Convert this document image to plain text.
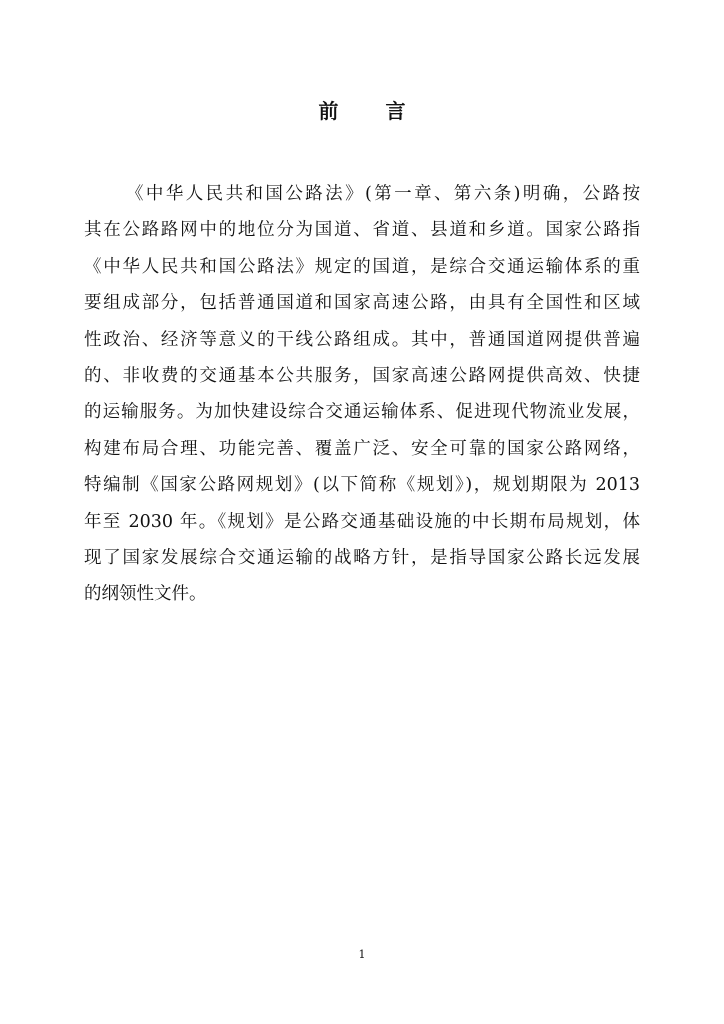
前 言
《中华人民共和国公路法》(第一章、第六条)明确，公路按
其在公路路网中的地位分为国道、省道、县道和乡道。国家公路指
《中华人民共和国公路法》规定的国道，是综合交通运输体系的重
要组成部分，包括普通国道和国家高速公路，由具有全国性和区域
性政治、经济等意义的干线公路组成。其中，普通国道网提供普遍
的、非收费的交通基本公共服务，国家高速公路网提供高效、快捷
的运输服务。为加快建设综合交通运输体系、促进现代物流业发展，
构建布局合理、功能完善、覆盖广泛、安全可靠的国家公路网络，
特编制《国家公路网规划》(以下简称《规划》)，规划期限为 2013
年至 2030 年。《规划》是公路交通基础设施的中长期布局规划，体
现了国家发展综合交通运输的战略方针，是指导国家公路长远发展
的纲领性文件。
1
